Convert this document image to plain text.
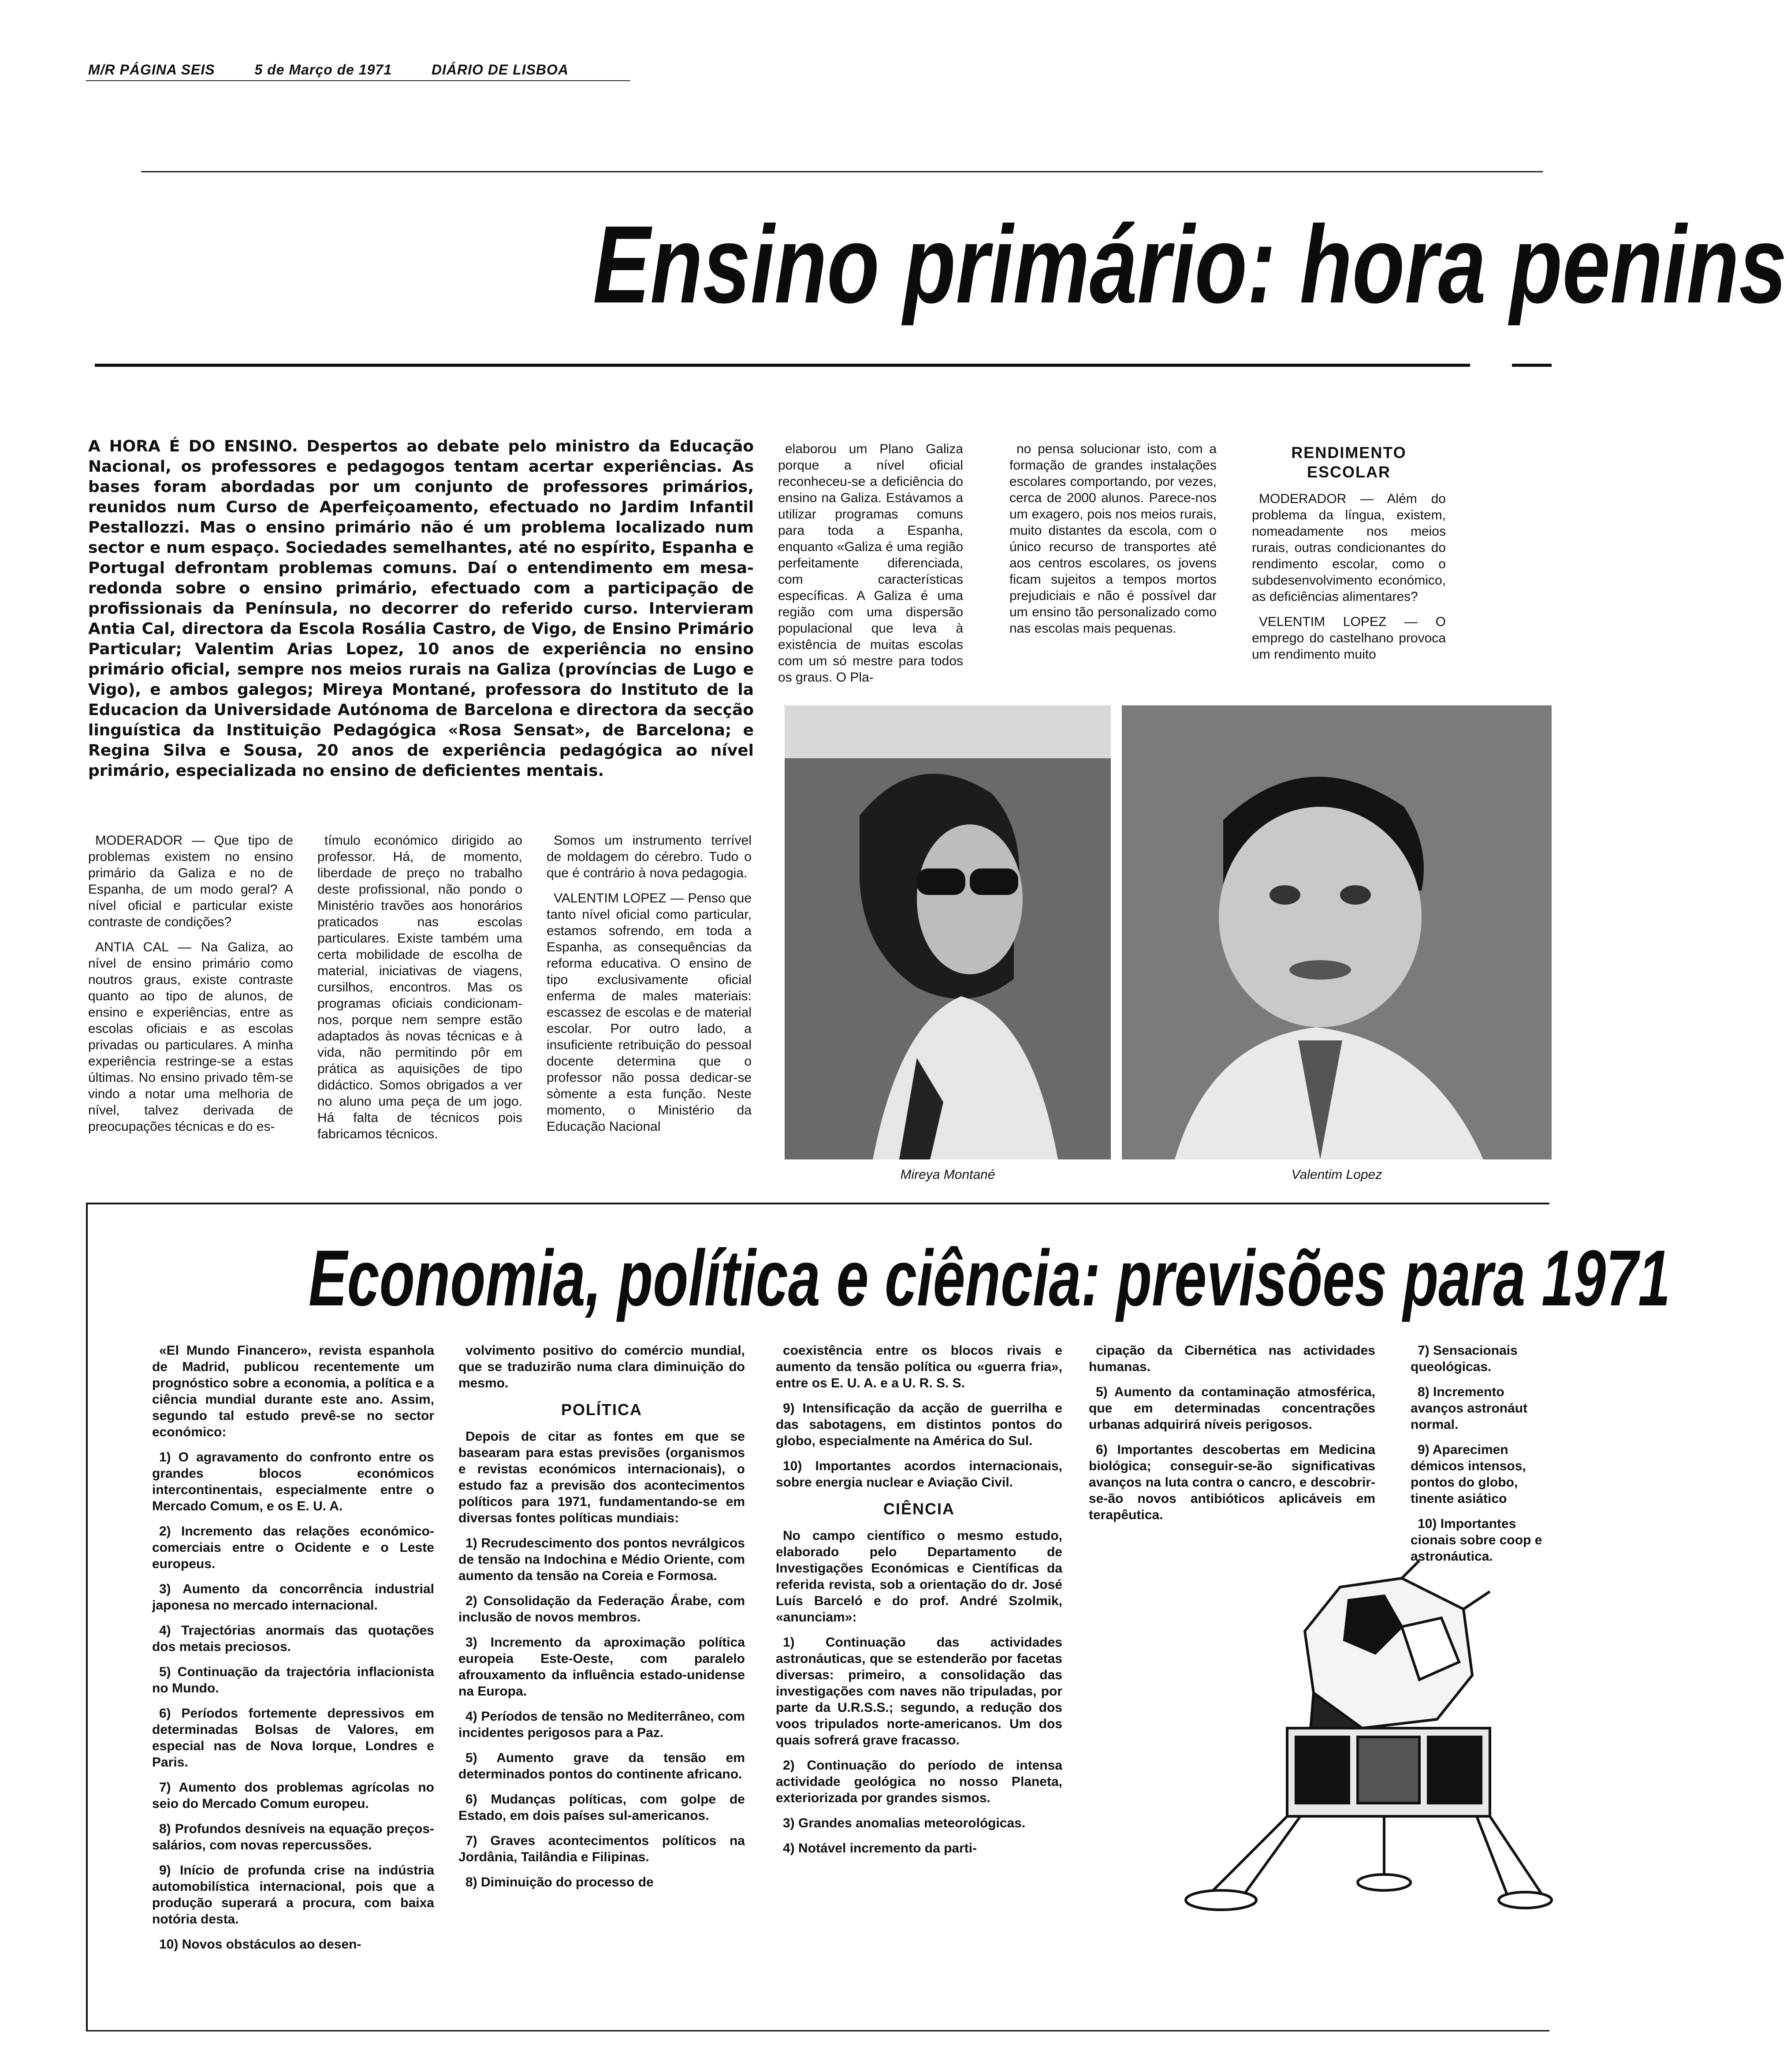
M/R PÁGINA SEIS	5 de Março de 1971	DIÁRIO DE LISBOA
Ensino primário: hora penins
A HORA É DO ENSINO. Despertos ao debate pelo ministro da Educação Nacional, os professores e pedagogos tentam acertar experiências. As bases foram abordadas por um conjunto de professores primários, reunidos num Curso de Aperfeiçoamento, efectuado no Jardim Infantil Pestallozzi. Mas o ensino primário não é um problema localizado num sector e num espaço. Sociedades semelhantes, até no espírito, Espanha e Portugal defrontam problemas comuns. Daí o entendimento em mesa-redonda sobre o ensino primário, efectuado com a participação de profissionais da Península, no decorrer do referido curso. Intervieram Antia Cal, directora da Escola Rosália Castro, de Vigo, de Ensino Primário Particular; Valentim Arias Lopez, 10 anos de experiência no ensino primário oficial, sempre nos meios rurais na Galiza (províncias de Lugo e Vigo), e ambos galegos; Mireya Montané, professora do Instituto de la Educacion da Universidade Autónoma de Barcelona e directora da secção linguística da Instituição Pedagógica «Rosa Sensat», de Barcelona; e Regina Silva e Sousa, 20 anos de experiência pedagógica ao nível primário, especializada no ensino de deficientes mentais.

MODERADOR — Que tipo de problemas existem no ensino primário da Galiza e no de Espanha, de um modo geral? A nível oficial e particular existe contraste de condições?

ANTIA CAL — Na Galiza, ao nível de ensino primário como noutros graus, existe contraste quanto ao tipo de alunos, de ensino e experiências, entre as escolas oficiais e as escolas privadas ou particulares. A minha experiência restringe-se a estas últimas. No ensino privado têm-se vindo a notar uma melhoria de nível, talvez derivada de preocupações técnicas e do es-

tímulo económico dirigido ao professor. Há, de momento, liberdade de preço no trabalho deste profissional, não pondo o Ministério travões aos honorários praticados nas escolas particulares. Existe também uma certa mobilidade de escolha de material, iniciativas de viagens, cursilhos, encontros. Mas os programas oficiais condicionam-nos, porque nem sempre estão adaptados às novas técnicas e à vida, não permitindo pôr em prática as aquisições de tipo didáctico. Somos obrigados a ver no aluno uma peça de um jogo. Há falta de técnicos pois fabricamos técnicos.

Somos um instrumento terrível de moldagem do cérebro. Tudo o que é contrário à nova pedagogia.

VALENTIM LOPEZ — Penso que tanto nível oficial como particular, estamos sofrendo, em toda a Espanha, as consequências da reforma educativa. O ensino de tipo exclusivamente oficial enferma de males materiais: escassez de escolas e de material escolar. Por outro lado, a insuficiente retribuição do pessoal docente determina que o professor não possa dedicar-se sòmente a esta função. Neste momento, o Ministério da Educação Nacional

elaborou um Plano Galiza porque a nível oficial reconheceu-se a deficiência do ensino na Galiza. Estávamos a utilizar programas comuns para toda a Espanha, enquanto «Galiza é uma região perfeitamente diferenciada, com características específicas. A Galiza é uma região com uma dispersão populacional que leva à existência de muitas escolas com um só mestre para todos os graus. O Pla-

no pensa solucionar isto, com a formação de grandes instalações escolares comportando, por vezes, cerca de 2000 alunos. Parece-nos um exagero, pois nos meios rurais, muito distantes da escola, com o único recurso de transportes até aos centros escolares, os jovens ficam sujeitos a tempos mortos prejudiciais e não é possível dar um ensino tão personalizado como nas escolas mais pequenas.

RENDIMENTO ESCOLAR

MODERADOR — Além do problema da língua, existem, nomeadamente nos meios rurais, outras condicionantes do rendimento escolar, como o subdesenvolvimento económico, as deficiências alimentares?

VELENTIM LOPEZ — O emprego do castelhano provoca um rendimento muito

Mireya Montané	Valentim Lopez
Economia, política e ciência: previsões para 1971

«El Mundo Financero», revista espanhola de Madrid, publicou recentemente um prognóstico sobre a economia, a política e a ciência mundial durante este ano. Assim, segundo tal estudo prevê-se no sector económico:

1) O agravamento do confronto entre os grandes blocos económicos intercontinentais, especialmente entre o Mercado Comum, e os E. U. A.

2) Incremento das relações económico-comerciais entre o Ocidente e o Leste europeus.

3) Aumento da concorrência industrial japonesa no mercado internacional.

4) Trajectórias anormais das quotações dos metais preciosos.

5) Continuação da trajectória inflacionista no Mundo.

6) Períodos fortemente depressivos em determinadas Bolsas de Valores, em especial nas de Nova Iorque, Londres e Paris.

7) Aumento dos problemas agrícolas no seio do Mercado Comum europeu.

8) Profundos desníveis na equação preços-salários, com novas repercussões.

9) Início de profunda crise na indústria automobilística internacional, pois que a produção superará a procura, com baixa notória desta.

10) Novos obstáculos ao desen-

volvimento positivo do comércio mundial, que se traduzirão numa clara diminuição do mesmo.

POLÍTICA

Depois de citar as fontes em que se basearam para estas previsões (organismos e revistas económicos internacionais), o estudo faz a previsão dos acontecimentos políticos para 1971, fundamentando-se em diversas fontes políticas mundiais:

1) Recrudescimento dos pontos nevrálgicos de tensão na Indochina e Médio Oriente, com aumento da tensão na Coreia e Formosa.

2) Consolidação da Federação Árabe, com inclusão de novos membros.

3) Incremento da aproximação política europeia Este-Oeste, com paralelo afrouxamento da influência estado-unidense na Europa.

4) Períodos de tensão no Mediterrâneo, com incidentes perigosos para a Paz.

5) Aumento grave da tensão em determinados pontos do continente africano.

6) Mudanças políticas, com golpe de Estado, em dois países sul-americanos.

7) Graves acontecimentos políticos na Jordânia, Tailândia e Filipinas.

8) Diminuição do processo de

coexistência entre os blocos rivais e aumento da tensão política ou «guerra fria», entre os E. U. A. e a U. R. S. S.

9) Intensificação da acção de guerrilha e das sabotagens, em distintos pontos do globo, especialmente na América do Sul.

10) Importantes acordos internacionais, sobre energia nuclear e Aviação Civil.

CIÊNCIA

No campo científico o mesmo estudo, elaborado pelo Departamento de Investigações Económicas e Científicas da referida revista, sob a orientação do dr. José Luís Barceló e do prof. André Szolmik, «anunciam»:

1) Continuação das actividades astronáuticas, que se estenderão por facetas diversas: primeiro, a consolidação das investigações com naves não tripuladas, por parte da U.R.S.S.; segundo, a redução dos voos tripulados norte-americanos. Um dos quais sofrerá grave fracasso.

2) Continuação do período de intensa actividade geológica no nosso Planeta, exteriorizada por grandes sismos.

3) Grandes anomalias meteorológicas.

4) Notável incremento da parti-

cipação da Cibernética nas actividades humanas.

5) Aumento da contaminação atmosférica, que em determinadas concentrações urbanas adquirirá níveis perigosos.

6) Importantes descobertas em Medicina biológica; conseguir-se-ão significativas avanços na luta contra o cancro, e descobrir-se-ão novos antibióticos aplicáveis em terapêutica.

7) Sensacionais queológicas.

8) Incremento avanços astronáut normal.

9) Aparecimen démicos intensos, pontos do globo, tinente asiático

10) Importantes cionais sobre coop e astronáutica.
